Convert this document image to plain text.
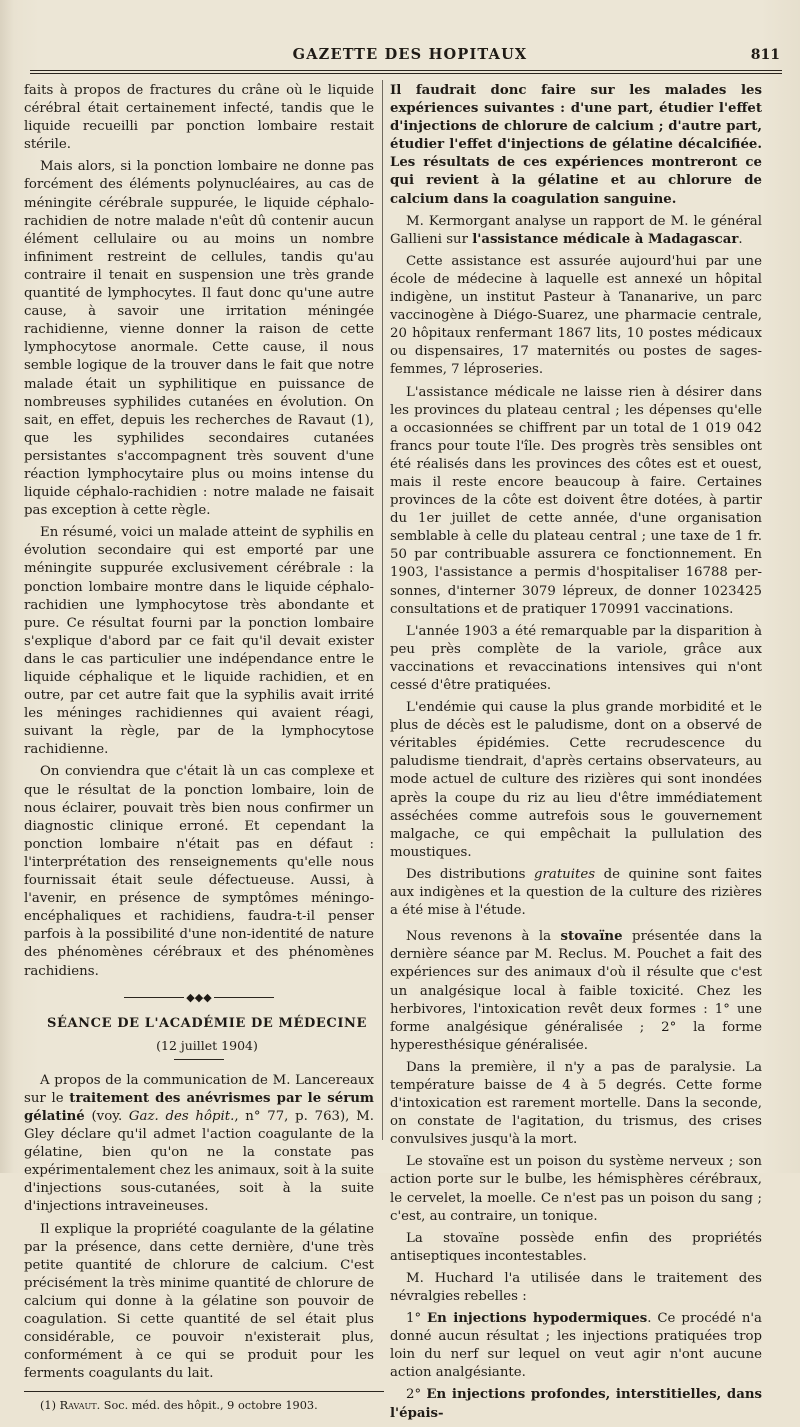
GAZETTE DES HOPITAUX	811

faits à propos de fractures du crâne où le liquide cérébral était certainement infecté, tandis que le liquide recueilli par ponction lombaire restait stérile.

Mais alors, si la ponction lombaire ne donne pas forcément des éléments polynucléaires, au cas de méningite cérébrale suppurée, le liquide céphalo-rachidien de notre malade n'eût dû contenir aucun élément cellulaire ou au moins un nombre infiniment restreint de cellules, tandis qu'au contraire il tenait en suspension une très grande quantité de lymphocytes. Il faut donc qu'une autre cause, à savoir une irritation méningée rachidienne, vienne donner la raison de cette lymphocytose anormale. Cette cause, il nous semble logique de la trouver dans le fait que notre malade était un syphilitique en puissance de nombreuses syphilides cutanées en évolution. On sait, en effet, depuis les recherches de Ravaut (1), que les syphilides secondaires cutanées persistantes s'accompagnent très souvent d'une réaction lymphocytaire plus ou moins intense du liquide céphalo-rachidien : notre malade ne faisait pas exception à cette règle.

En résumé, voici un malade atteint de syphilis en évolution secondaire qui est emporté par une méningite suppurée exclusivement cérébrale : la ponction lombaire montre dans le liquide céphalo-rachidien une lymphocytose très abondante et pure. Ce résultat fourni par la ponction lombaire s'explique d'abord par ce fait qu'il devait exister dans le cas particulier une indépendance entre le liquide céphalique et le liquide rachidien, et en outre, par cet autre fait que la syphilis avait irrité les méninges rachidiennes qui avaient réagi, suivant la règle, par de la lymphocytose rachidienne.

On conviendra que c'était là un cas complexe et que le résultat de la ponction lombaire, loin de nous éclairer, pouvait très bien nous confirmer un diagnostic clinique erroné. Et cependant la ponction lombaire n'était pas en défaut : l'interprétation des renseignements qu'elle nous fournissait était seule défectueuse. Aussi, à l'avenir, en présence de symptômes méningo-encéphaliques et rachidiens, faudra-t-il penser parfois à la possibilité d'une non-identité de nature des phénomènes cérébraux et des phénomènes rachidiens.

◆◆◆

SÉANCE DE L'ACADÉMIE DE MÉDECINE

(12 juillet 1904)

A propos de la communication de M. Lancereaux sur le traitement des anévrismes par le sérum gélatiné (voy. Gaz. des hôpit., n° 77, p. 763), M. Gley déclare qu'il admet l'action coagulante de la gélatine, bien qu'on ne la constate pas expérimentalement chez les animaux, soit à la suite d'injections sous-cutanées, soit à la suite d'injections intraveineuses.

Il explique la propriété coagulante de la gélatine par la présence, dans cette dernière, d'une très petite quantité de chlorure de calcium. C'est précisément la très minime quantité de chlorure de calcium qui donne à la gélatine son pouvoir de coagulation. Si cette quantité de sel était plus considérable, ce pouvoir n'existerait plus, conformément à ce qui se produit pour les ferments coagulants du lait.

(1) Ravaut. Soc. méd. des hôpit., 9 octobre 1903.

Il faudrait donc faire sur les malades les expériences suivantes : d'une part, étudier l'effet d'injections de chlorure de calcium ; d'autre part, étudier l'effet d'injections de gélatine décalcifiée. Les résultats de ces expériences montreront ce qui revient à la gélatine et au chlorure de calcium dans la coagulation sanguine.

M. Kermorgant analyse un rapport de M. le général Gallieni sur l'assistance médicale à Madagascar.

Cette assistance est assurée aujourd'hui par une école de médecine à laquelle est annexé un hôpital indigène, un institut Pasteur à Tananarive, un parc vaccinogène à Diégo-Suarez, une pharmacie centrale, 20 hôpitaux renfermant 1867 lits, 10 postes médicaux ou dispensaires, 17 maternités ou postes de sages-femmes, 7 léproseries.

L'assistance médicale ne laisse rien à désirer dans les provinces du plateau central ; les dépenses qu'elle a occasionnées se chiffrent par un total de 1 019 042 francs pour toute l'île. Des progrès très sensibles ont été réalisés dans les provinces des côtes est et ouest, mais il reste encore beaucoup à faire. Certaines provinces de la côte est doivent être dotées, à partir du 1er juillet de cette année, d'une organisation semblable à celle du plateau central ; une taxe de 1 fr. 50 par contribuable assurera ce fonctionnement. En 1903, l'assistance a permis d'hospitaliser 16788 personnes, d'interner 3079 lépreux, de donner 1023425 consultations et de pratiquer 170991 vaccinations.

L'année 1903 a été remarquable par la disparition à peu près complète de la variole, grâce aux vaccinations et revaccinations intensives qui n'ont cessé d'être pratiquées.

L'endémie qui cause la plus grande morbidité et le plus de décès est le paludisme, dont on a observé de véritables épidémies. Cette recrudescence du paludisme tiendrait, d'après certains observateurs, au mode actuel de culture des rizières qui sont inondées après la coupe du riz au lieu d'être immédiatement asséchées comme autrefois sous le gouvernement malgache, ce qui empêchait la pullulation des moustiques.

Des distributions gratuites de quinine sont faites aux indigènes et la question de la culture des rizières a été mise à l'étude.

Nous revenons à la stovaïne présentée dans la dernière séance par M. Reclus. M. Pouchet a fait des expériences sur des animaux d'où il résulte que c'est un analgésique local à faible toxicité. Chez les herbivores, l'intoxication revêt deux formes : 1° une forme analgésique généralisée ; 2° la forme hyperesthésique généralisée.

Dans la première, il n'y a pas de paralysie. La température baisse de 4 à 5 degrés. Cette forme d'intoxication est rarement mortelle. Dans la seconde, on constate de l'agitation, du trismus, des crises convulsives jusqu'à la mort.

Le stovaïne est un poison du système nerveux ; son action porte sur le bulbe, les hémisphères cérébraux, le cervelet, la moelle. Ce n'est pas un poison du sang ; c'est, au contraire, un tonique.

La stovaïne possède enfin des propriétés antiseptiques incontestables.

M. Huchard l'a utilisée dans le traitement des névralgies rebelles :

1° En injections hypodermiques. Ce procédé n'a donné aucun résultat ; les injections pratiquées trop loin du nerf sur lequel on veut agir n'ont aucune action analgésiante.

2° En injections profondes, interstitielles, dans l'épais-
